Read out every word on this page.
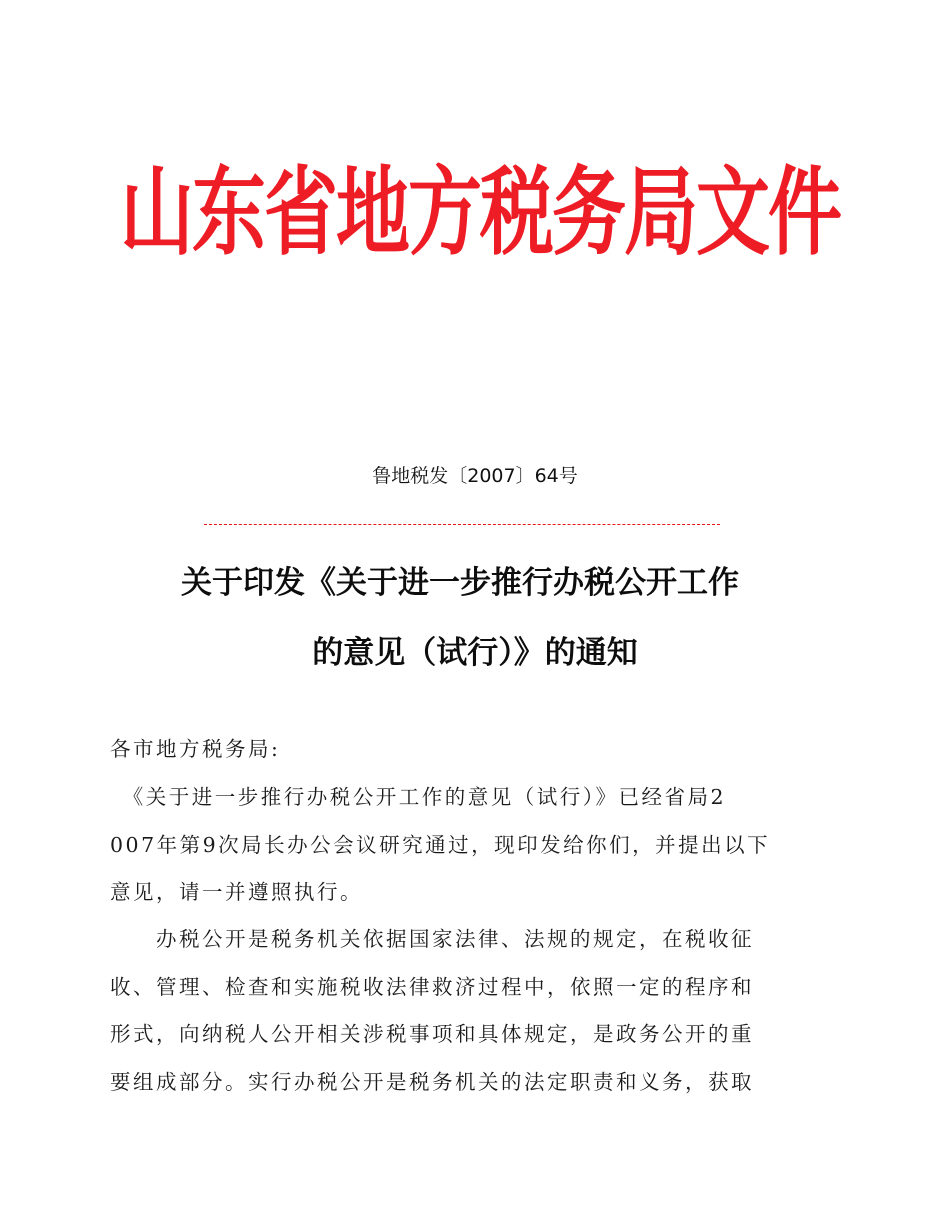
山东省地方税务局文件
鲁地税发〔2007〕64号
关于印发《关于进一步推行办税公开工作
的意见（试行）》的通知
各市地方税务局:
　《关于进一步推行办税公开工作的意见（试行）》已经省局2
007年第9次局长办公会议研究通过，现印发给你们，并提出以下
意见，请一并遵照执行。
　　办税公开是税务机关依据国家法律、法规的规定，在税收征
收、管理、检查和实施税收法律救济过程中，依照一定的程序和
形式，向纳税人公开相关涉税事项和具体规定，是政务公开的重
要组成部分。实行办税公开是税务机关的法定职责和义务，获取
